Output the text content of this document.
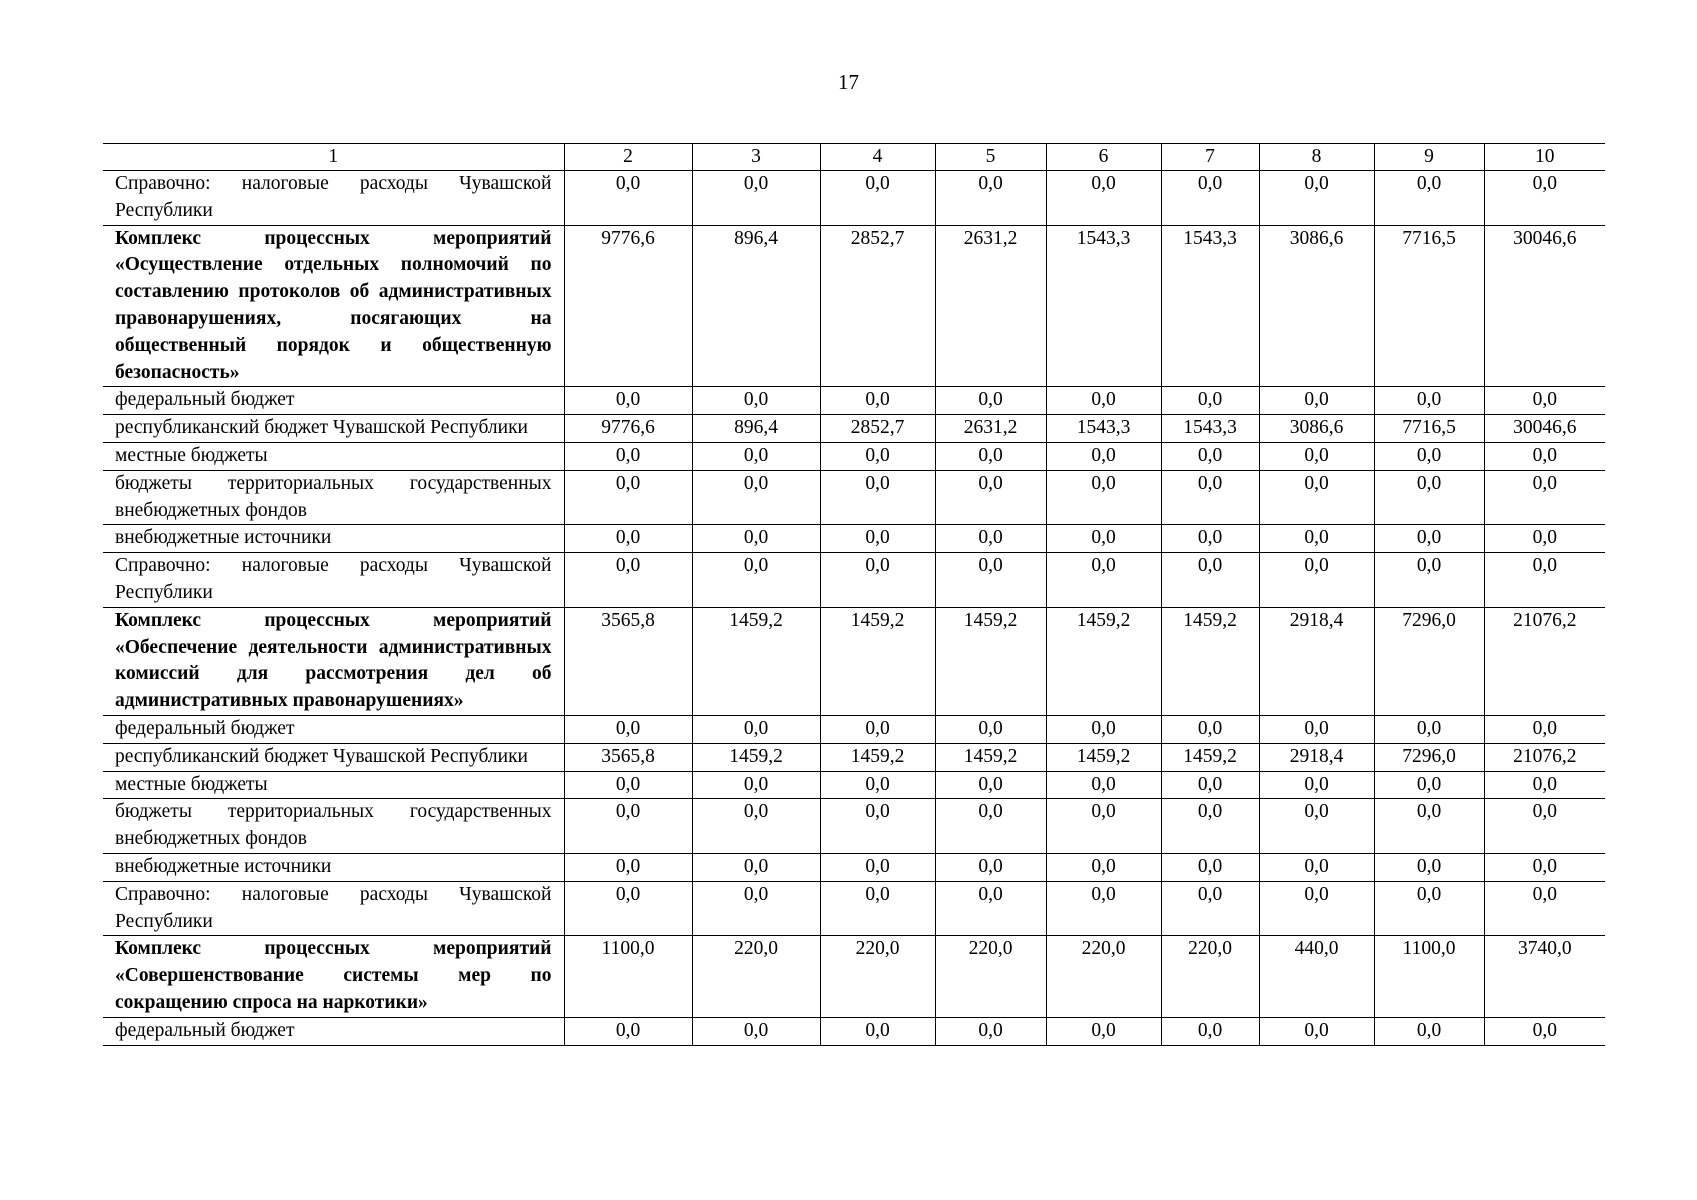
17
1	2	3	4	5	6	7	8	9	10
Справочно: налоговые расходы Чувашской Республики	0,0	0,0	0,0	0,0	0,0	0,0	0,0	0,0	0,0
Комплекс процессных мероприятий «Осуществление отдельных полномочий по составлению протоколов об административных правонарушениях, посягающих на общественный порядок и общественную безопасность»	9776,6	896,4	2852,7	2631,2	1543,3	1543,3	3086,6	7716,5	30046,6
федеральный бюджет	0,0	0,0	0,0	0,0	0,0	0,0	0,0	0,0	0,0
республиканский бюджет Чувашской Республики	9776,6	896,4	2852,7	2631,2	1543,3	1543,3	3086,6	7716,5	30046,6
местные бюджеты	0,0	0,0	0,0	0,0	0,0	0,0	0,0	0,0	0,0
бюджеты территориальных государственных внебюджетных фондов	0,0	0,0	0,0	0,0	0,0	0,0	0,0	0,0	0,0
внебюджетные источники	0,0	0,0	0,0	0,0	0,0	0,0	0,0	0,0	0,0
Справочно: налоговые расходы Чувашской Республики	0,0	0,0	0,0	0,0	0,0	0,0	0,0	0,0	0,0
Комплекс процессных мероприятий «Обеспечение деятельности административных комиссий для рассмотрения дел об административных правонарушениях»	3565,8	1459,2	1459,2	1459,2	1459,2	1459,2	2918,4	7296,0	21076,2
федеральный бюджет	0,0	0,0	0,0	0,0	0,0	0,0	0,0	0,0	0,0
республиканский бюджет Чувашской Республики	3565,8	1459,2	1459,2	1459,2	1459,2	1459,2	2918,4	7296,0	21076,2
местные бюджеты	0,0	0,0	0,0	0,0	0,0	0,0	0,0	0,0	0,0
бюджеты территориальных государственных внебюджетных фондов	0,0	0,0	0,0	0,0	0,0	0,0	0,0	0,0	0,0
внебюджетные источники	0,0	0,0	0,0	0,0	0,0	0,0	0,0	0,0	0,0
Справочно: налоговые расходы Чувашской Республики	0,0	0,0	0,0	0,0	0,0	0,0	0,0	0,0	0,0
Комплекс процессных мероприятий «Совершенствование системы мер по сокращению спроса на наркотики»	1100,0	220,0	220,0	220,0	220,0	220,0	440,0	1100,0	3740,0
федеральный бюджет	0,0	0,0	0,0	0,0	0,0	0,0	0,0	0,0	0,0
